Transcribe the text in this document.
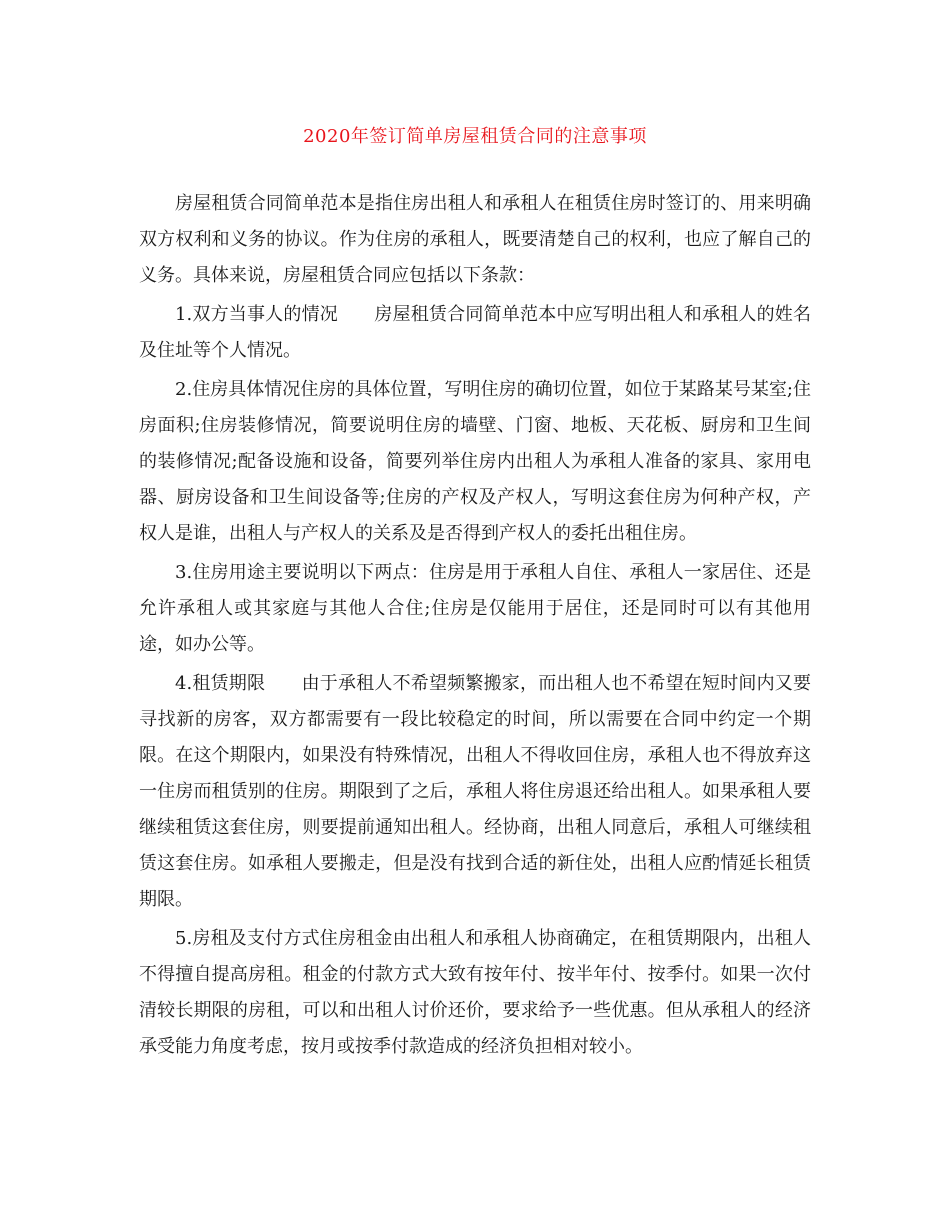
2020年签订简单房屋租赁合同的注意事项

房屋租赁合同简单范本是指住房出租人和承租人在租赁住房时签订的、用来明确双方权利和义务的协议。作为住房的承租人，既要清楚自己的权利，也应了解自己的义务。具体来说，房屋租赁合同应包括以下条款：

1.双方当事人的情况　　房屋租赁合同简单范本中应写明出租人和承租人的姓名及住址等个人情况。

2.住房具体情况住房的具体位置，写明住房的确切位置，如位于某路某号某室;住房面积;住房装修情况，简要说明住房的墙壁、门窗、地板、天花板、厨房和卫生间的装修情况;配备设施和设备，简要列举住房内出租人为承租人准备的家具、家用电器、厨房设备和卫生间设备等;住房的产权及产权人，写明这套住房为何种产权，产权人是谁，出租人与产权人的关系及是否得到产权人的委托出租住房。

3.住房用途主要说明以下两点：住房是用于承租人自住、承租人一家居住、还是允许承租人或其家庭与其他人合住;住房是仅能用于居住，还是同时可以有其他用途，如办公等。

4.租赁期限　　由于承租人不希望频繁搬家，而出租人也不希望在短时间内又要寻找新的房客，双方都需要有一段比较稳定的时间，所以需要在合同中约定一个期限。在这个期限内，如果没有特殊情况，出租人不得收回住房，承租人也不得放弃这一住房而租赁别的住房。期限到了之后，承租人将住房退还给出租人。如果承租人要继续租赁这套住房，则要提前通知出租人。经协商，出租人同意后，承租人可继续租赁这套住房。如承租人要搬走，但是没有找到合适的新住处，出租人应酌情延长租赁期限。

5.房租及支付方式住房租金由出租人和承租人协商确定，在租赁期限内，出租人不得擅自提高房租。租金的付款方式大致有按年付、按半年付、按季付。如果一次付清较长期限的房租，可以和出租人讨价还价，要求给予一些优惠。但从承租人的经济承受能力角度考虑，按月或按季付款造成的经济负担相对较小。
